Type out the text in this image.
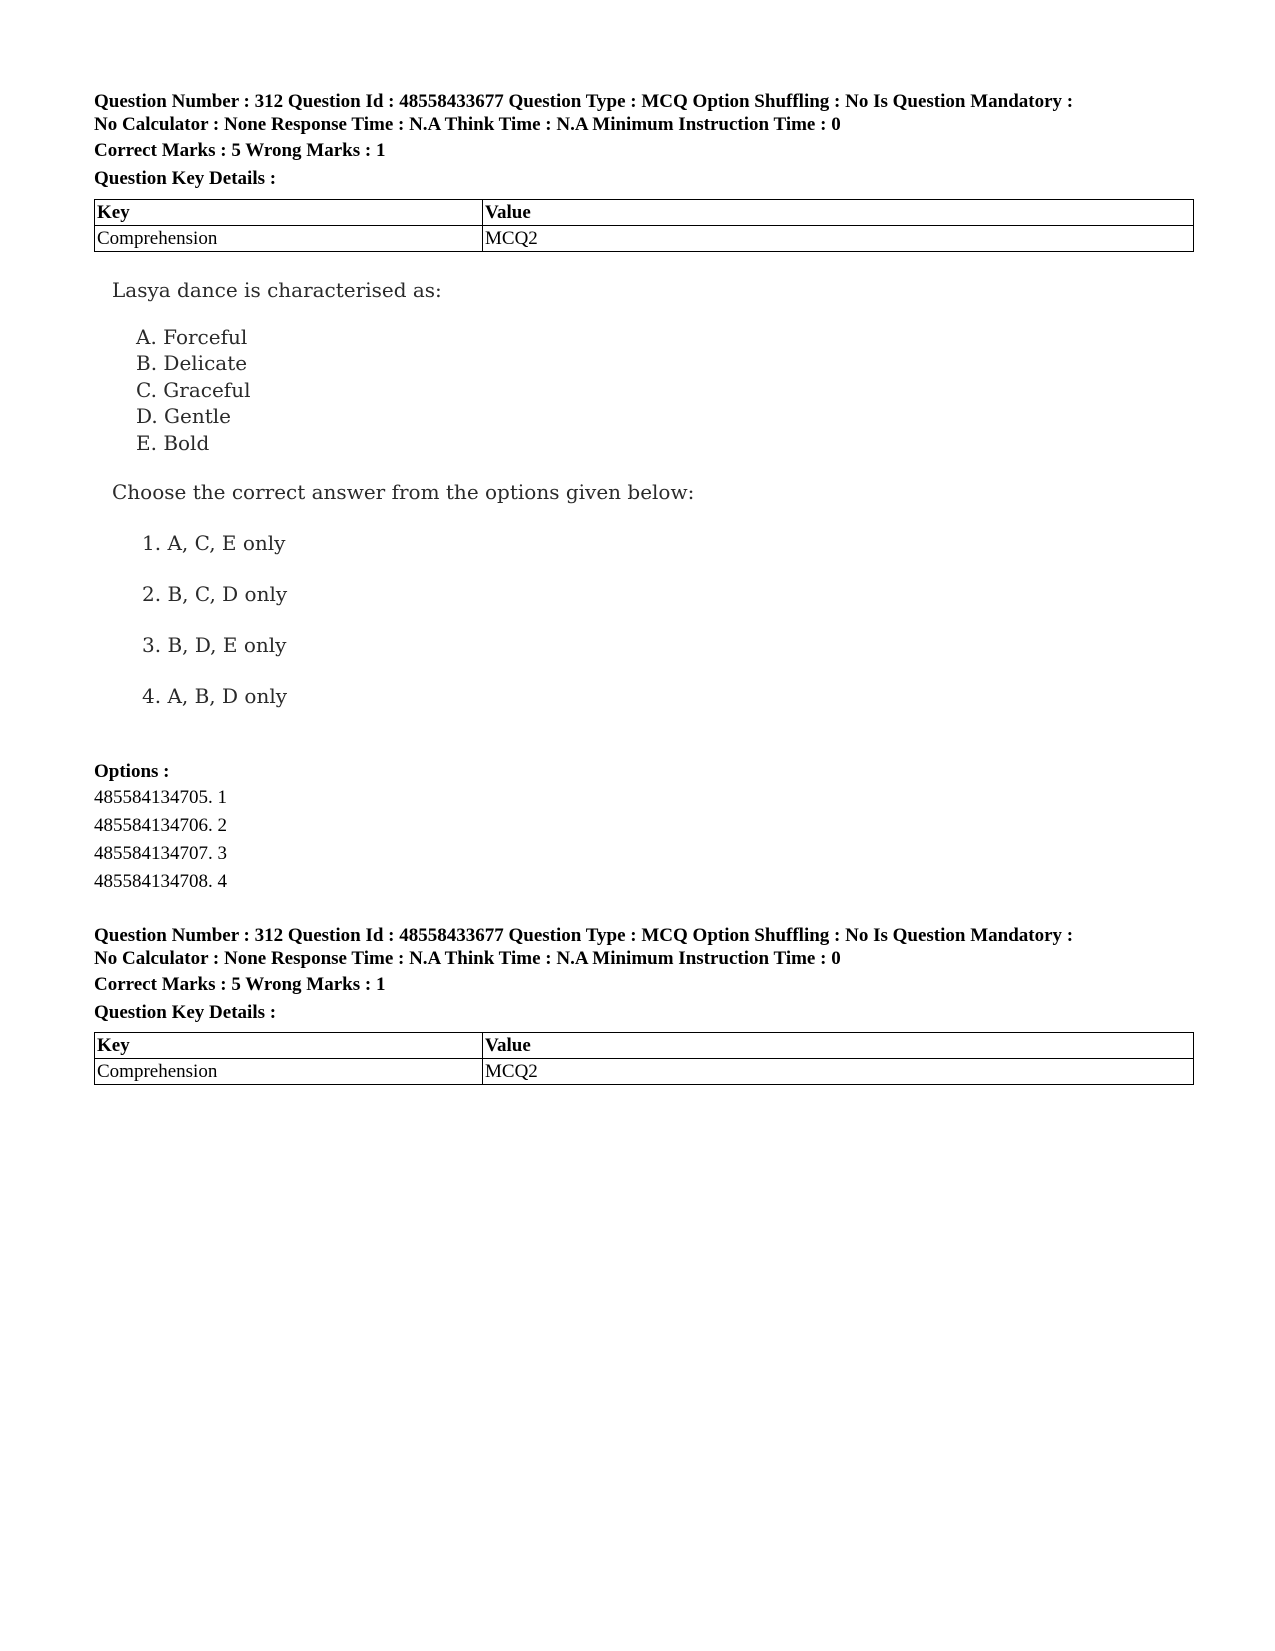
Question Number : 312 Question Id : 48558433677 Question Type : MCQ Option Shuffling : No Is Question Mandatory :
No Calculator : None Response Time : N.A Think Time : N.A Minimum Instruction Time : 0
Correct Marks : 5 Wrong Marks : 1
Question Key Details :
Key	Value
Comprehension	MCQ2
Lasya dance is characterised as:
A. Forceful
B. Delicate
C. Graceful
D. Gentle
E. Bold
Choose the correct answer from the options given below:
1. A, C, E only
2. B, C, D only
3. B, D, E only
4. A, B, D only
Options :
485584134705. 1
485584134706. 2
485584134707. 3
485584134708. 4
Question Number : 312 Question Id : 48558433677 Question Type : MCQ Option Shuffling : No Is Question Mandatory :
No Calculator : None Response Time : N.A Think Time : N.A Minimum Instruction Time : 0
Correct Marks : 5 Wrong Marks : 1
Question Key Details :
Key	Value
Comprehension	MCQ2
